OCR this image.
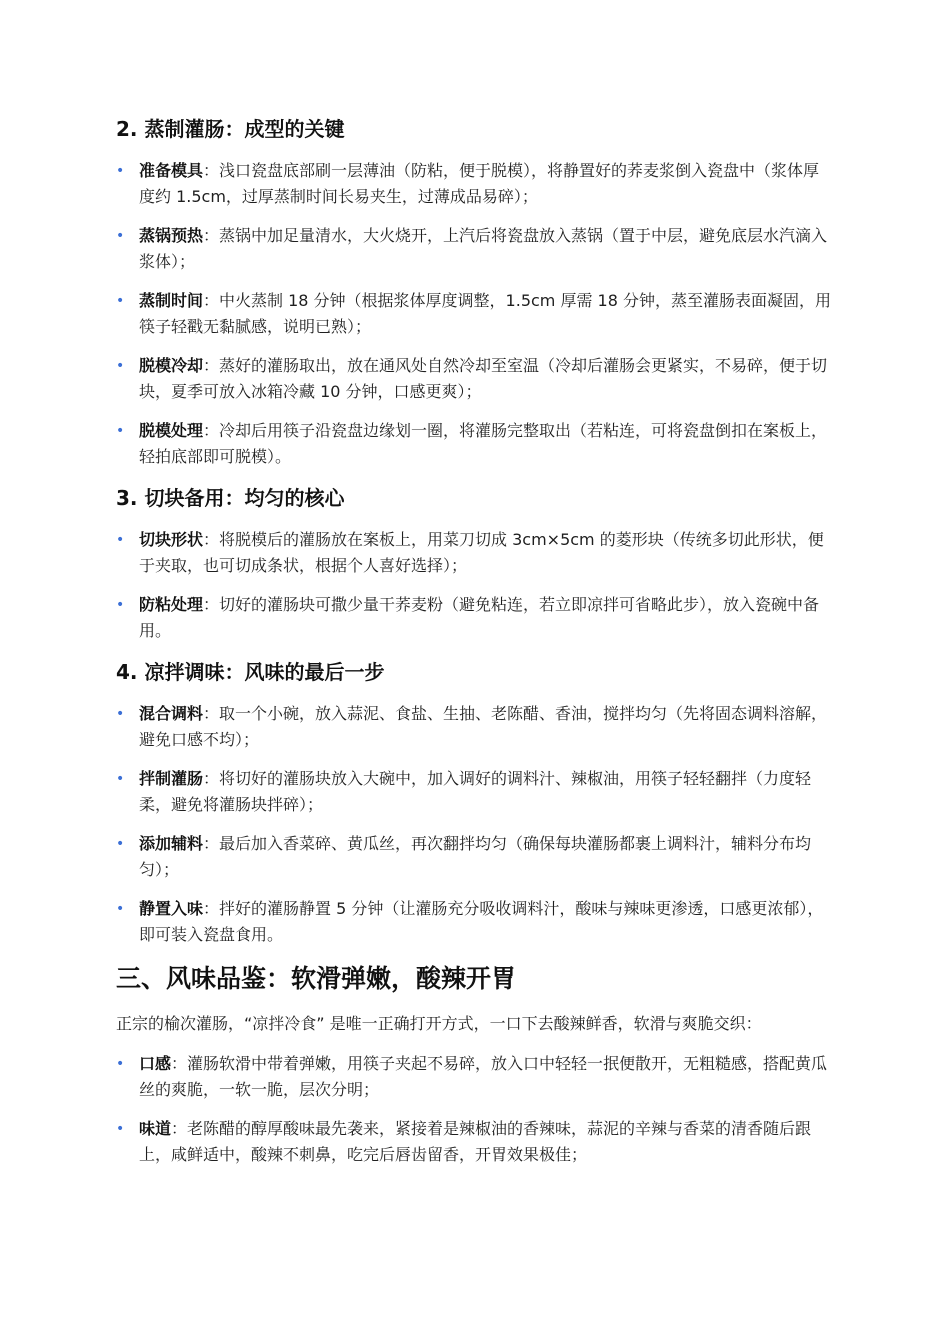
2. 蒸制灌肠：成型的关键
• 准备模具：浅口瓷盘底部刷一层薄油（防粘，便于脱模），将静置好的荞麦浆倒入瓷盘中（浆体厚度约 1.5cm，过厚蒸制时间长易夹生，过薄成品易碎）；
• 蒸锅预热：蒸锅中加足量清水，大火烧开，上汽后将瓷盘放入蒸锅（置于中层，避免底层水汽滴入浆体）；
• 蒸制时间：中火蒸制 18 分钟（根据浆体厚度调整，1.5cm 厚需 18 分钟，蒸至灌肠表面凝固，用筷子轻戳无黏腻感，说明已熟）；
• 脱模冷却：蒸好的灌肠取出，放在通风处自然冷却至室温（冷却后灌肠会更紧实，不易碎，便于切块，夏季可放入冰箱冷藏 10 分钟，口感更爽）；
• 脱模处理：冷却后用筷子沿瓷盘边缘划一圈，将灌肠完整取出（若粘连，可将瓷盘倒扣在案板上，轻拍底部即可脱模）。
3. 切块备用：均匀的核心
• 切块形状：将脱模后的灌肠放在案板上，用菜刀切成 3cm×5cm 的菱形块（传统多切此形状，便于夹取，也可切成条状，根据个人喜好选择）；
• 防粘处理：切好的灌肠块可撒少量干荞麦粉（避免粘连，若立即凉拌可省略此步），放入瓷碗中备用。
4. 凉拌调味：风味的最后一步
• 混合调料：取一个小碗，放入蒜泥、食盐、生抽、老陈醋、香油，搅拌均匀（先将固态调料溶解，避免口感不均）；
• 拌制灌肠：将切好的灌肠块放入大碗中，加入调好的调料汁、辣椒油，用筷子轻轻翻拌（力度轻柔，避免将灌肠块拌碎）；
• 添加辅料：最后加入香菜碎、黄瓜丝，再次翻拌均匀（确保每块灌肠都裹上调料汁，辅料分布均匀）；
• 静置入味：拌好的灌肠静置 5 分钟（让灌肠充分吸收调料汁，酸味与辣味更渗透，口感更浓郁），即可装入瓷盘食用。
三、风味品鉴：软滑弹嫩，酸辣开胃

正宗的榆次灌肠，“凉拌冷食” 是唯一正确打开方式，一口下去酸辣鲜香，软滑与爽脆交织：

• 口感：灌肠软滑中带着弹嫩，用筷子夹起不易碎，放入口中轻轻一抿便散开，无粗糙感，搭配黄瓜丝的爽脆，一软一脆，层次分明；
• 味道：老陈醋的醇厚酸味最先袭来，紧接着是辣椒油的香辣味，蒜泥的辛辣与香菜的清香随后跟上，咸鲜适中，酸辣不刺鼻，吃完后唇齿留香，开胃效果极佳；
